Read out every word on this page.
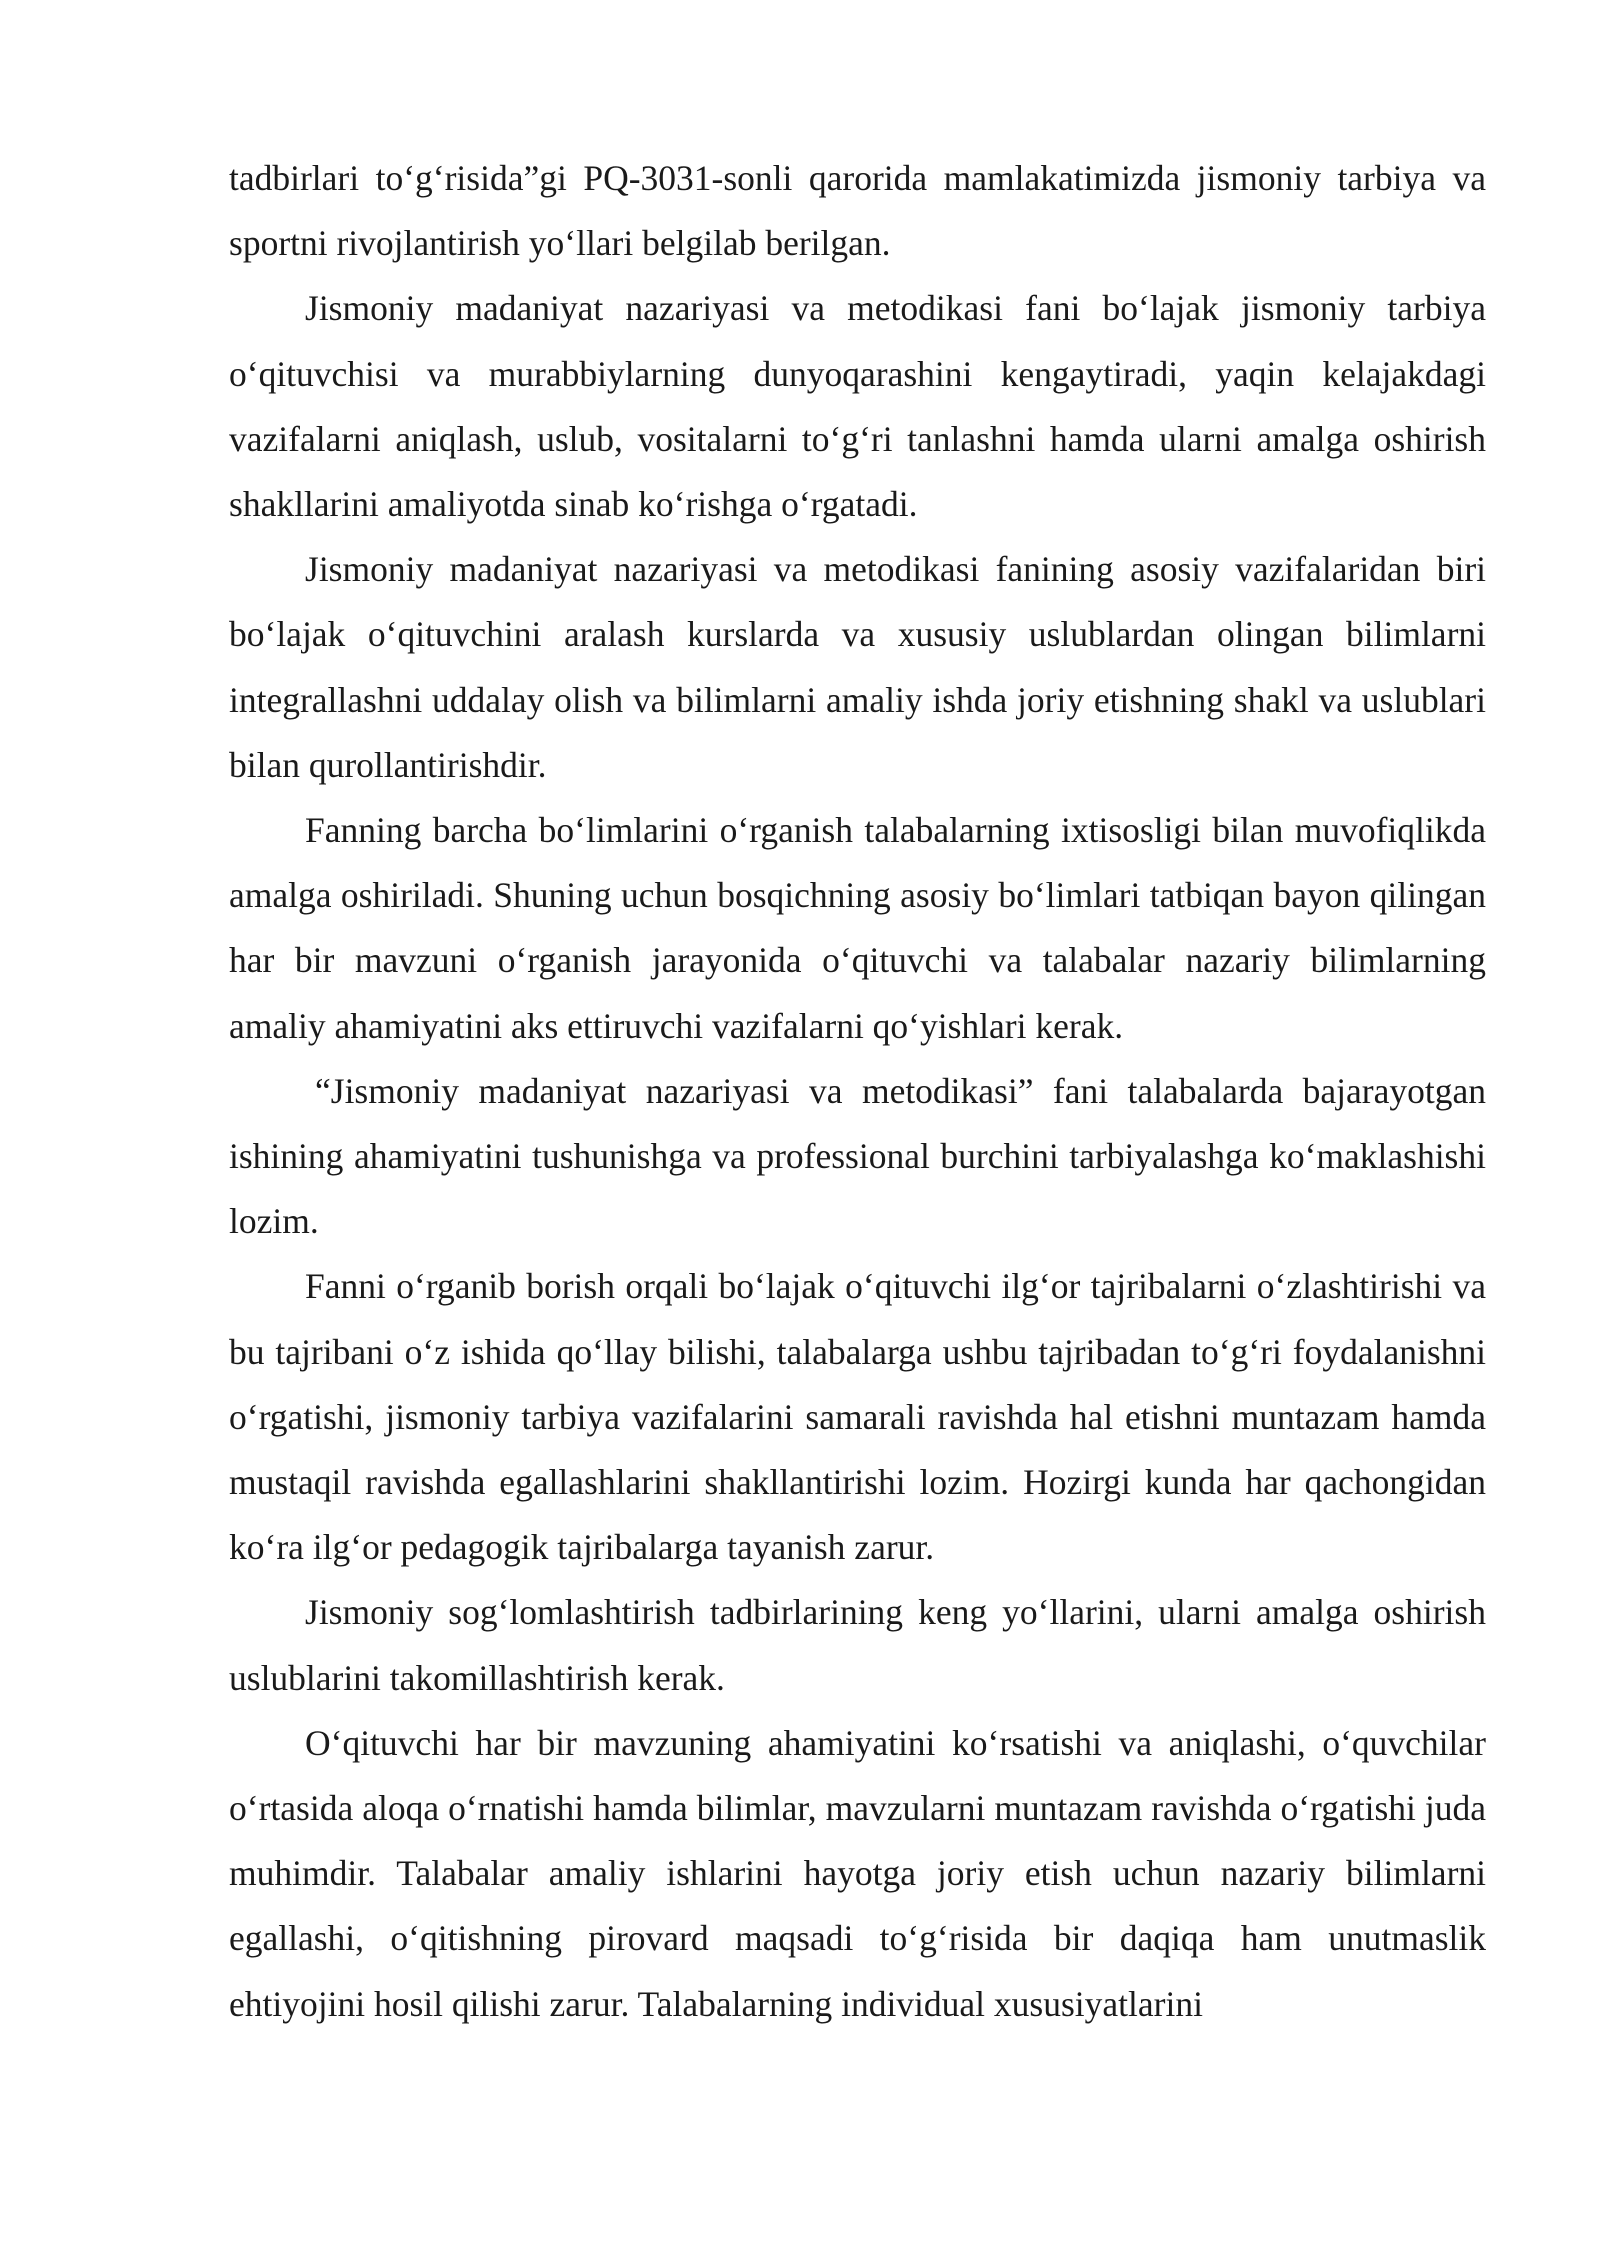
tadbirlari to‘g‘risida”gi PQ-3031-sonli qarorida mamlakatimizda jismoniy tarbiya va sportni rivojlantirish yo‘llari belgilab berilgan.

Jismoniy madaniyat nazariyasi va metodikasi fani bo‘lajak jismoniy tarbiya o‘qituvchisi va murabbiylarning dunyoqarashini kengaytiradi, yaqin kelajakdagi vazifalarni aniqlash, uslub, vositalarni to‘g‘ri tanlashni hamda ularni amalga oshirish shakllarini amaliyotda sinab ko‘rishga o‘rgatadi.

Jismoniy madaniyat nazariyasi va metodikasi fanining asosiy vazifalaridan biri bo‘lajak o‘qituvchini aralash kurslarda va xususiy uslublardan olingan bilimlarni integrallashni uddalay olish va bilimlarni amaliy ishda joriy etishning shakl va uslublari bilan qurollantirishdir.

Fanning barcha bo‘limlarini o‘rganish talabalarning ixtisosligi bilan muvofiqlikda amalga oshiriladi. Shuning uchun bosqichning asosiy bo‘limlari tatbiqan bayon qilingan har bir mavzuni o‘rganish jarayonida o‘qituvchi va talabalar nazariy bilimlarning amaliy ahamiyatini aks ettiruvchi vazifalarni qo‘yishlari kerak.

“Jismoniy madaniyat nazariyasi va metodikasi” fani talabalarda bajarayotgan ishining ahamiyatini tushunishga va professional burchini tarbiyalashga ko‘maklashishi lozim.

Fanni o‘rganib borish orqali bo‘lajak o‘qituvchi ilg‘or tajribalarni o‘zlashtirishi va bu tajribani o‘z ishida qo‘llay bilishi, talabalarga ushbu tajribadan to‘g‘ri foydalanishni o‘rgatishi, jismoniy tarbiya vazifalarini samarali ravishda hal etishni muntazam hamda mustaqil ravishda egallashlarini shakllantirishi lozim. Hozirgi kunda har qachongidan ko‘ra ilg‘or pedagogik tajribalarga tayanish zarur.

Jismoniy sog‘lomlashtirish tadbirlarining keng yo‘llarini, ularni amalga oshirish uslublarini takomillashtirish kerak.

O‘qituvchi har bir mavzuning ahamiyatini ko‘rsatishi va aniqlashi, o‘quvchilar o‘rtasida aloqa o‘rnatishi hamda bilimlar, mavzularni muntazam ravishda o‘rgatishi juda muhimdir. Talabalar amaliy ishlarini hayotga joriy etish uchun nazariy bilimlarni egallashi, o‘qitishning pirovard maqsadi to‘g‘risida bir daqiqa ham unutmaslik ehtiyojini hosil qilishi zarur. Talabalarning individual xususiyatlarini
